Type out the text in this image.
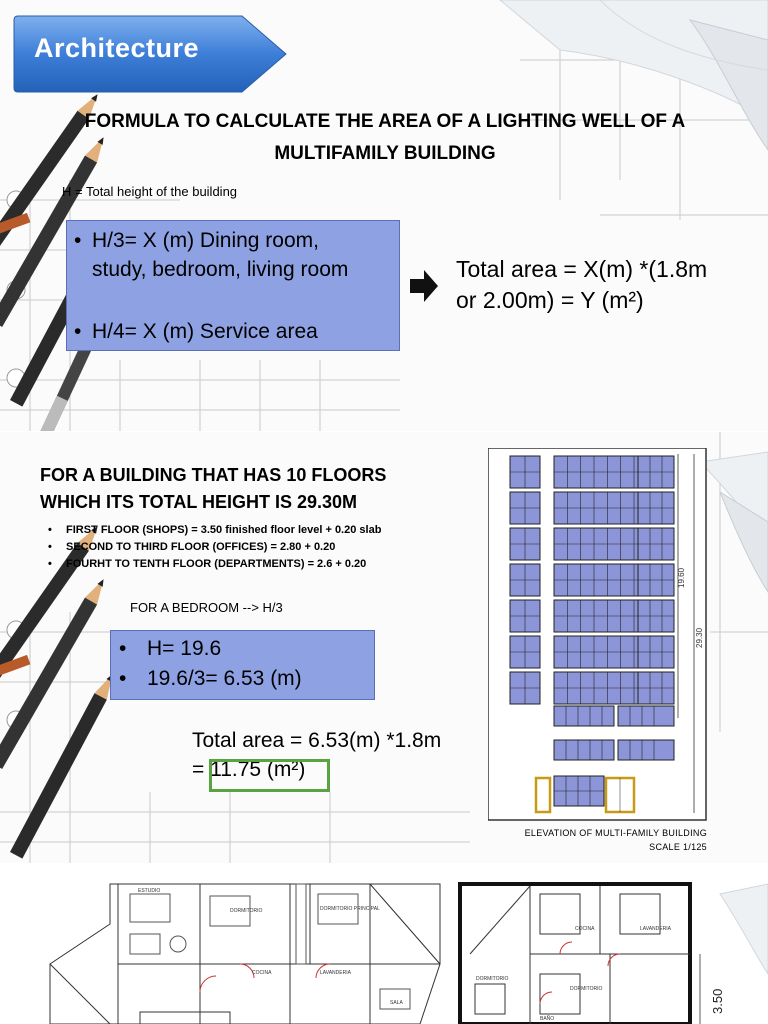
Architecture
FORMULA TO CALCULATE THE AREA OF A LIGHTING WELL OF A MULTIFAMILY BUILDING
H = Total height of the building
• H/3= X (m) Dining room,
study, bedroom, living room
• H/4= X (m) Service area
Total area = X(m) *(1.8m
or 2.00m) = Y (m²)
FOR A BUILDING THAT HAS 10 FLOORS
WHICH ITS TOTAL HEIGHT IS 29.30M
• FIRST FLOOR (SHOPS) = 3.50 finished floor level + 0.20 slab
• SECOND TO THIRD FLOOR (OFFICES) = 2.80 + 0.20
• FOURHT TO TENTH FLOOR (DEPARTMENTS) = 2.6 + 0.20
FOR A BEDROOM --> H/3
• H= 19.6
• 19.6/3= 6.53 (m)
Total area = 6.53(m) *1.8m
= 11.75 (m²)
19.60
29.30
ELEVATION OF MULTI-FAMILY BUILDING
SCALE 1/125
DORMITORIO	DORMITORIO PRINCIPAL
COCINA	LAVANDERIA
ESTUDIO
SALA
COCINA	LAVANDERIA
DORMITORIO
BAÑO
DORMITORIO	3.50
